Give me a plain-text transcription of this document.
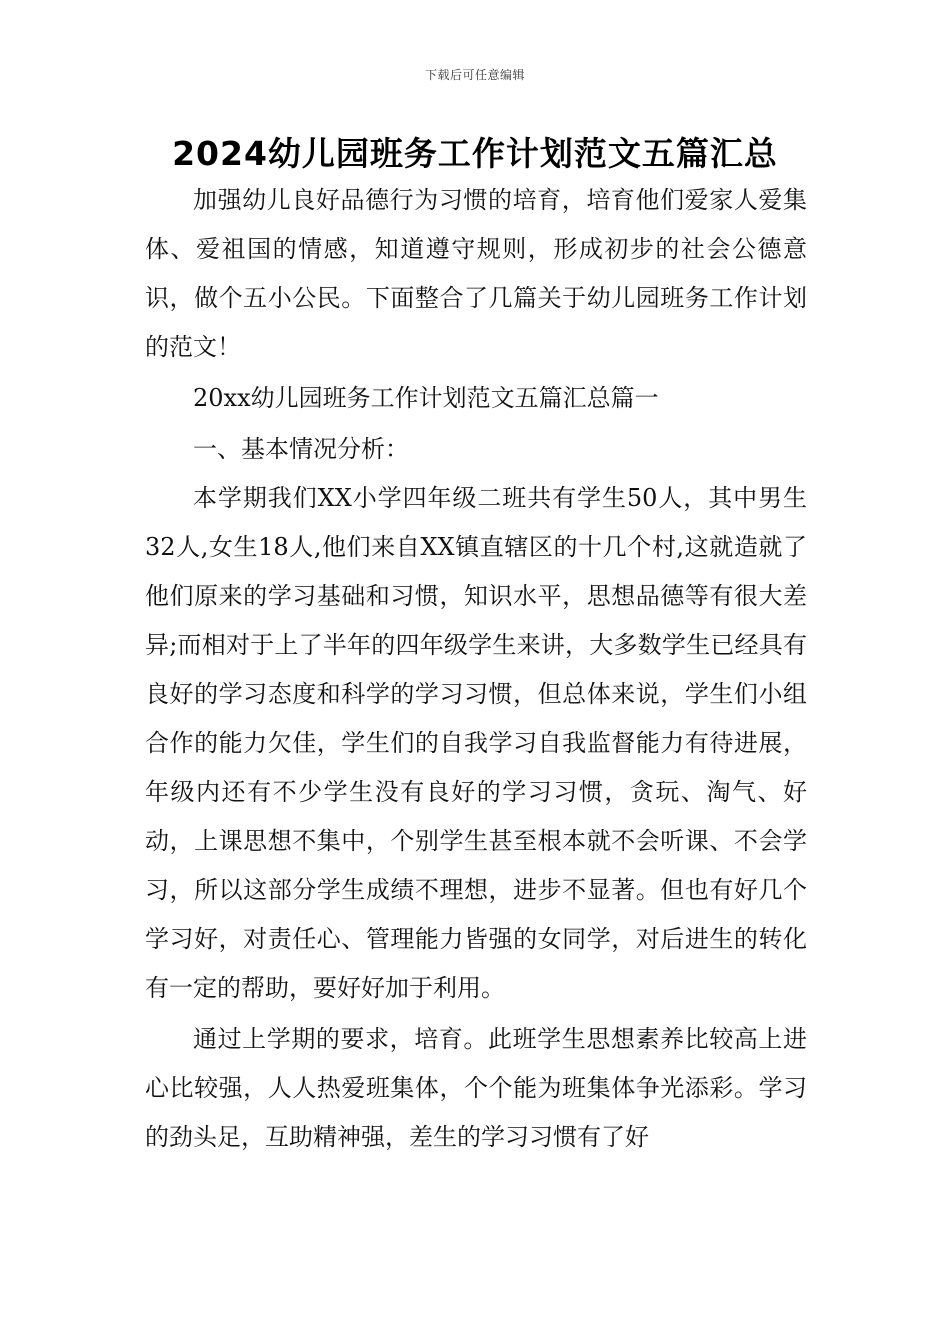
下载后可任意编辑
2024幼儿园班务工作计划范文五篇汇总

加强幼儿良好品德行为习惯的培育，培育他们爱家人爱集体、爱祖国的情感，知道遵守规则，形成初步的社会公德意识，做个五小公民。下面整合了几篇关于幼儿园班务工作计划的范文！

20xx幼儿园班务工作计划范文五篇汇总篇一

一、基本情况分析：

本学期我们XX小学四年级二班共有学生50人，其中男生32人,女生18人,他们来自XX镇直辖区的十几个村,这就造就了他们原来的学习基础和习惯，知识水平，思想品德等有很大差异;而相对于上了半年的四年级学生来讲，大多数学生已经具有良好的学习态度和科学的学习习惯，但总体来说，学生们小组合作的能力欠佳，学生们的自我学习自我监督能力有待进展，年级内还有不少学生没有良好的学习习惯，贪玩、淘气、好动，上课思想不集中，个别学生甚至根本就不会听课、不会学习，所以这部分学生成绩不理想，进步不显著。但也有好几个学习好，对责任心、管理能力皆强的女同学，对后进生的转化有一定的帮助，要好好加于利用。

通过上学期的要求，培育。此班学生思想素养比较高上进心比较强，人人热爱班集体，个个能为班集体争光添彩。学习的劲头足，互助精神强，差生的学习习惯有了好
